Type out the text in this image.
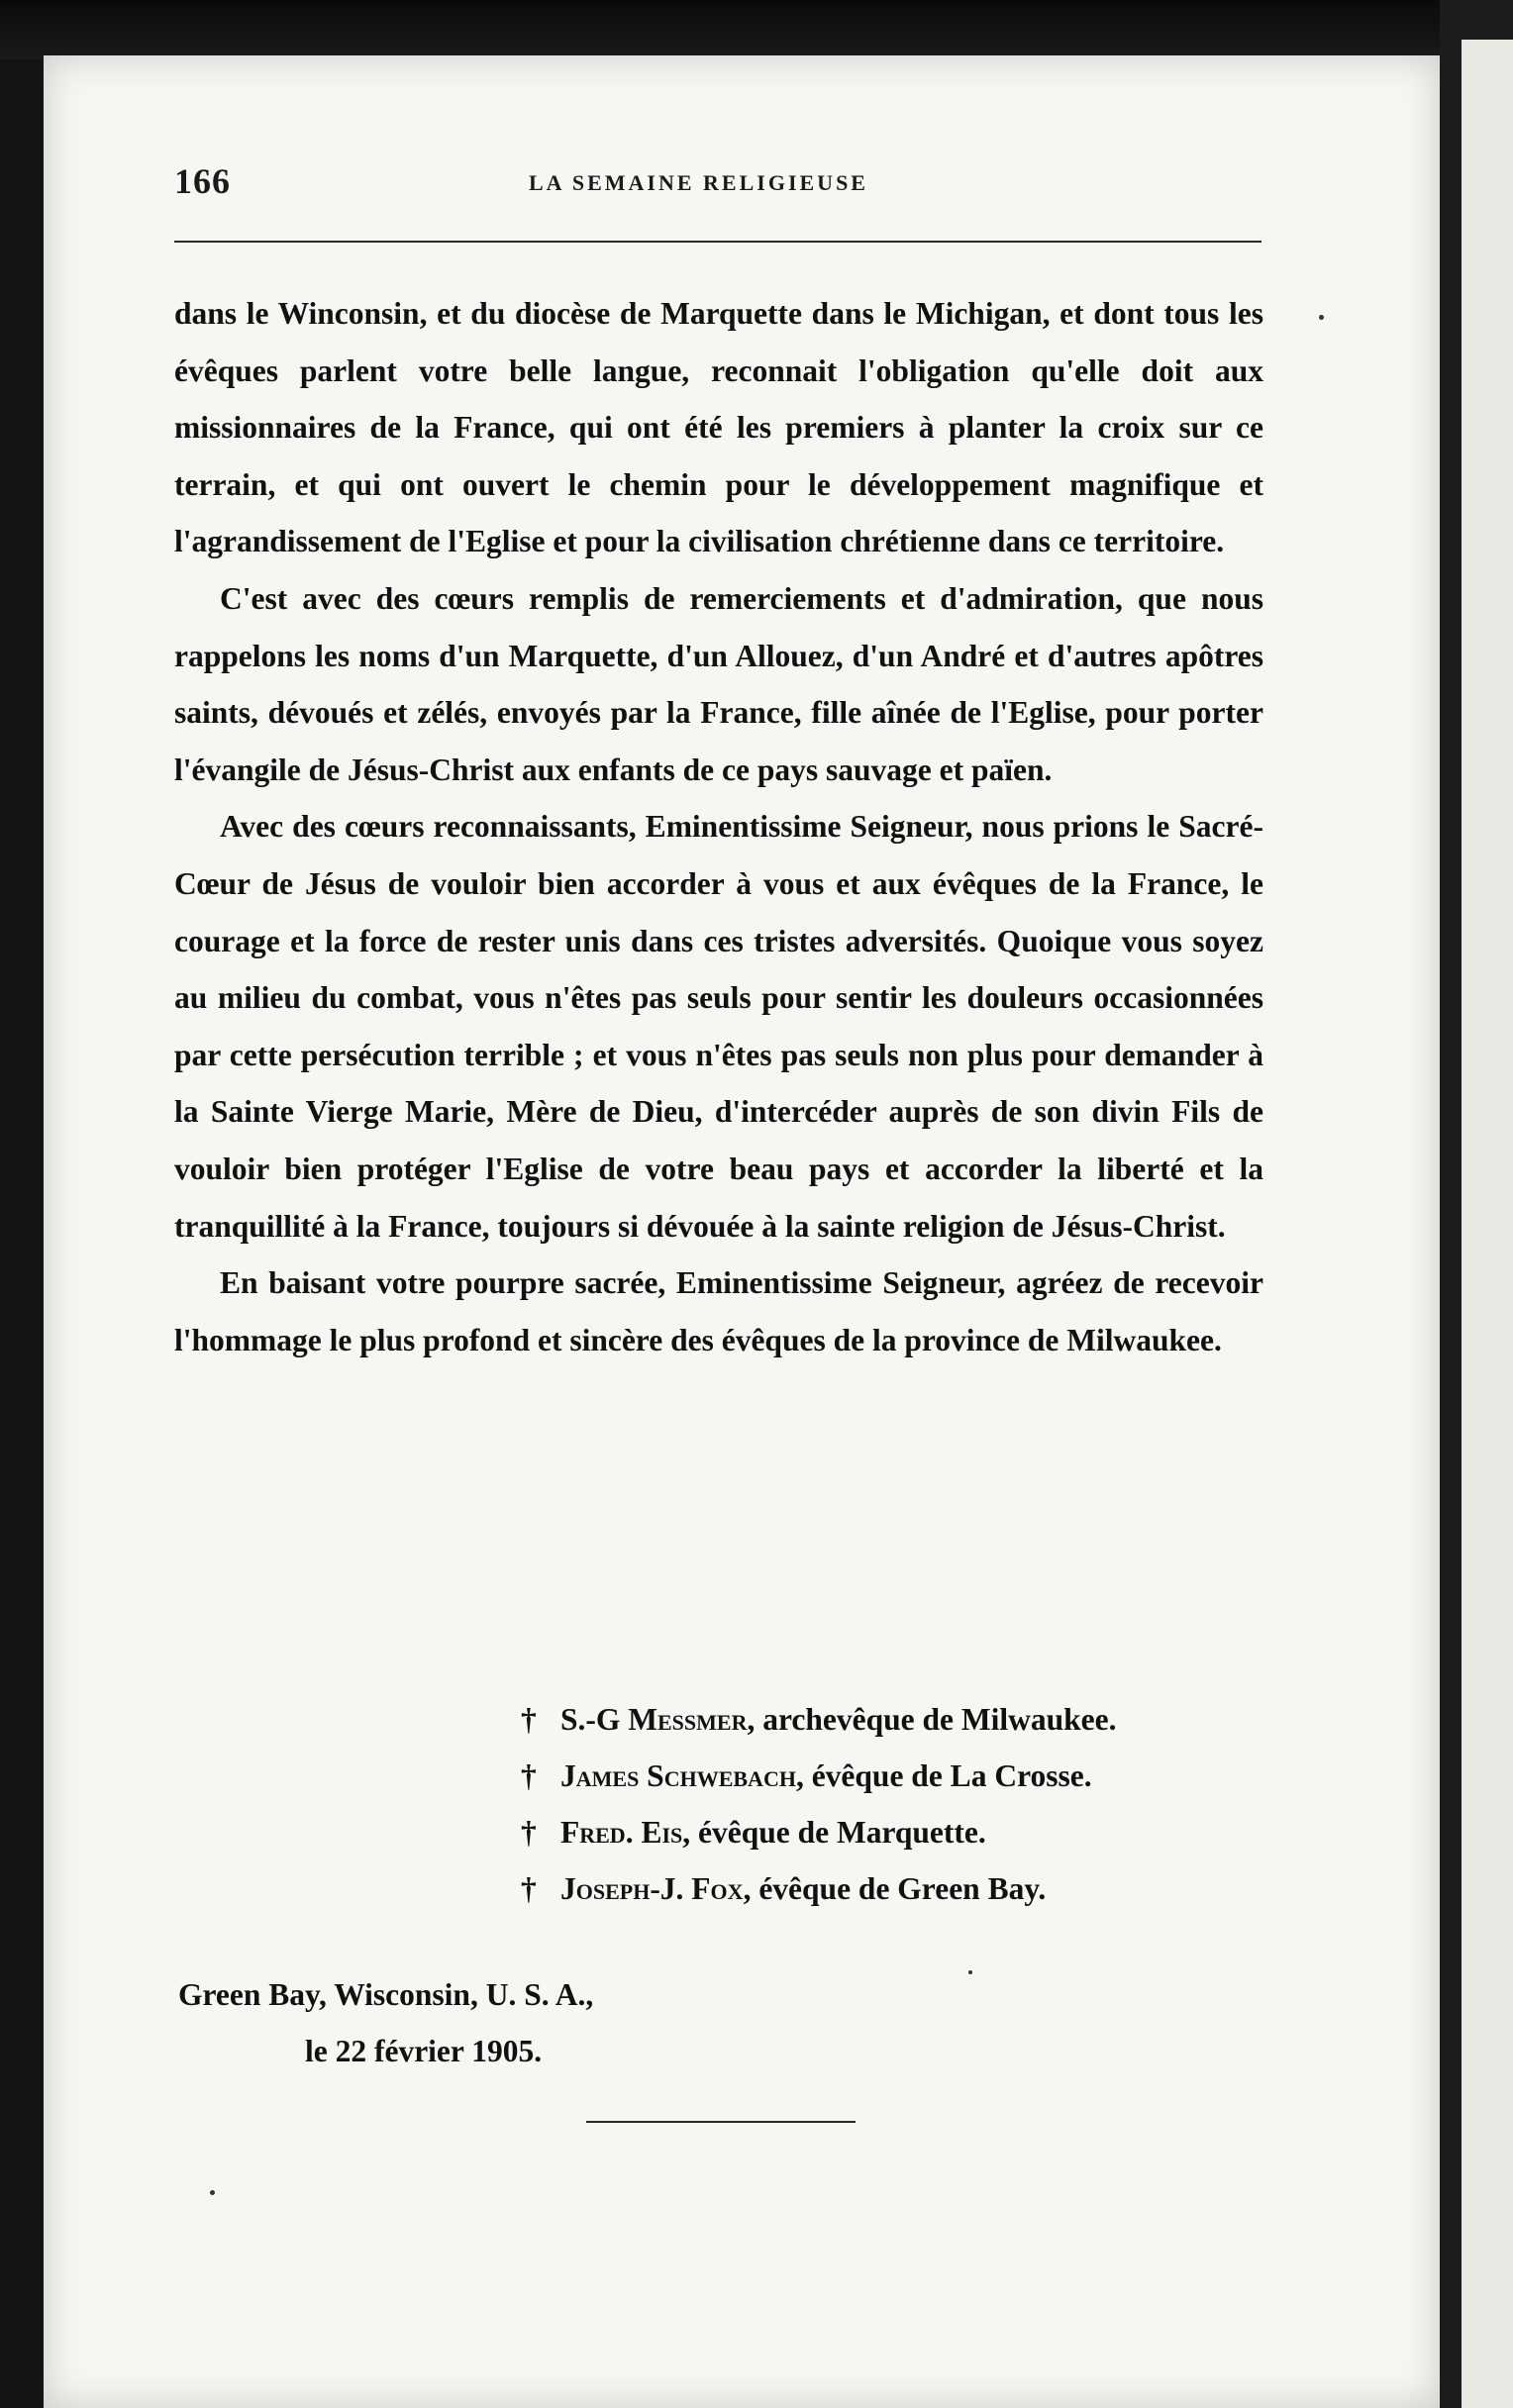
166	LA SEMAINE RELIGIEUSE

dans le Winconsin, et du diocèse de Marquette dans le Michigan, et dont tous les évêques parlent votre belle langue, reconnait l'obligation qu'elle doit aux missionnaires de la France, qui ont été les premiers à planter la croix sur ce terrain, et qui ont ouvert le chemin pour le développement magnifique et l'agrandissement de l'Eglise et pour la civilisation chrétienne dans ce territoire.

C'est avec des cœurs remplis de remerciements et d'admiration, que nous rappelons les noms d'un Marquette, d'un Allouez, d'un André et d'autres apôtres saints, dévoués et zélés, envoyés par la France, fille aînée de l'Eglise, pour porter l'évangile de Jésus-Christ aux enfants de ce pays sauvage et païen.

Avec des cœurs reconnaissants, Eminentissime Seigneur, nous prions le Sacré-Cœur de Jésus de vouloir bien accorder à vous et aux évêques de la France, le courage et la force de rester unis dans ces tristes adversités. Quoique vous soyez au milieu du combat, vous n'êtes pas seuls pour sentir les douleurs occasionnées par cette persécution terrible ; et vous n'êtes pas seuls non plus pour demander à la Sainte Vierge Marie, Mère de Dieu, d'intercéder auprès de son divin Fils de vouloir bien protéger l'Eglise de votre beau pays et accorder la liberté et la tranquillité à la France, toujours si dévouée à la sainte religion de Jésus-Christ.

En baisant votre pourpre sacrée, Eminentissime Seigneur, agréez de recevoir l'hommage le plus profond et sincère des évêques de la province de Milwaukee.

† S.-G Messmer, archevêque de Milwaukee.
† James Schwebach, évêque de La Crosse.
† Fred. Eis, évêque de Marquette.
† Joseph-J. Fox, évêque de Green Bay.
Green Bay, Wisconsin, U. S. A.,
le 22 février 1905.
